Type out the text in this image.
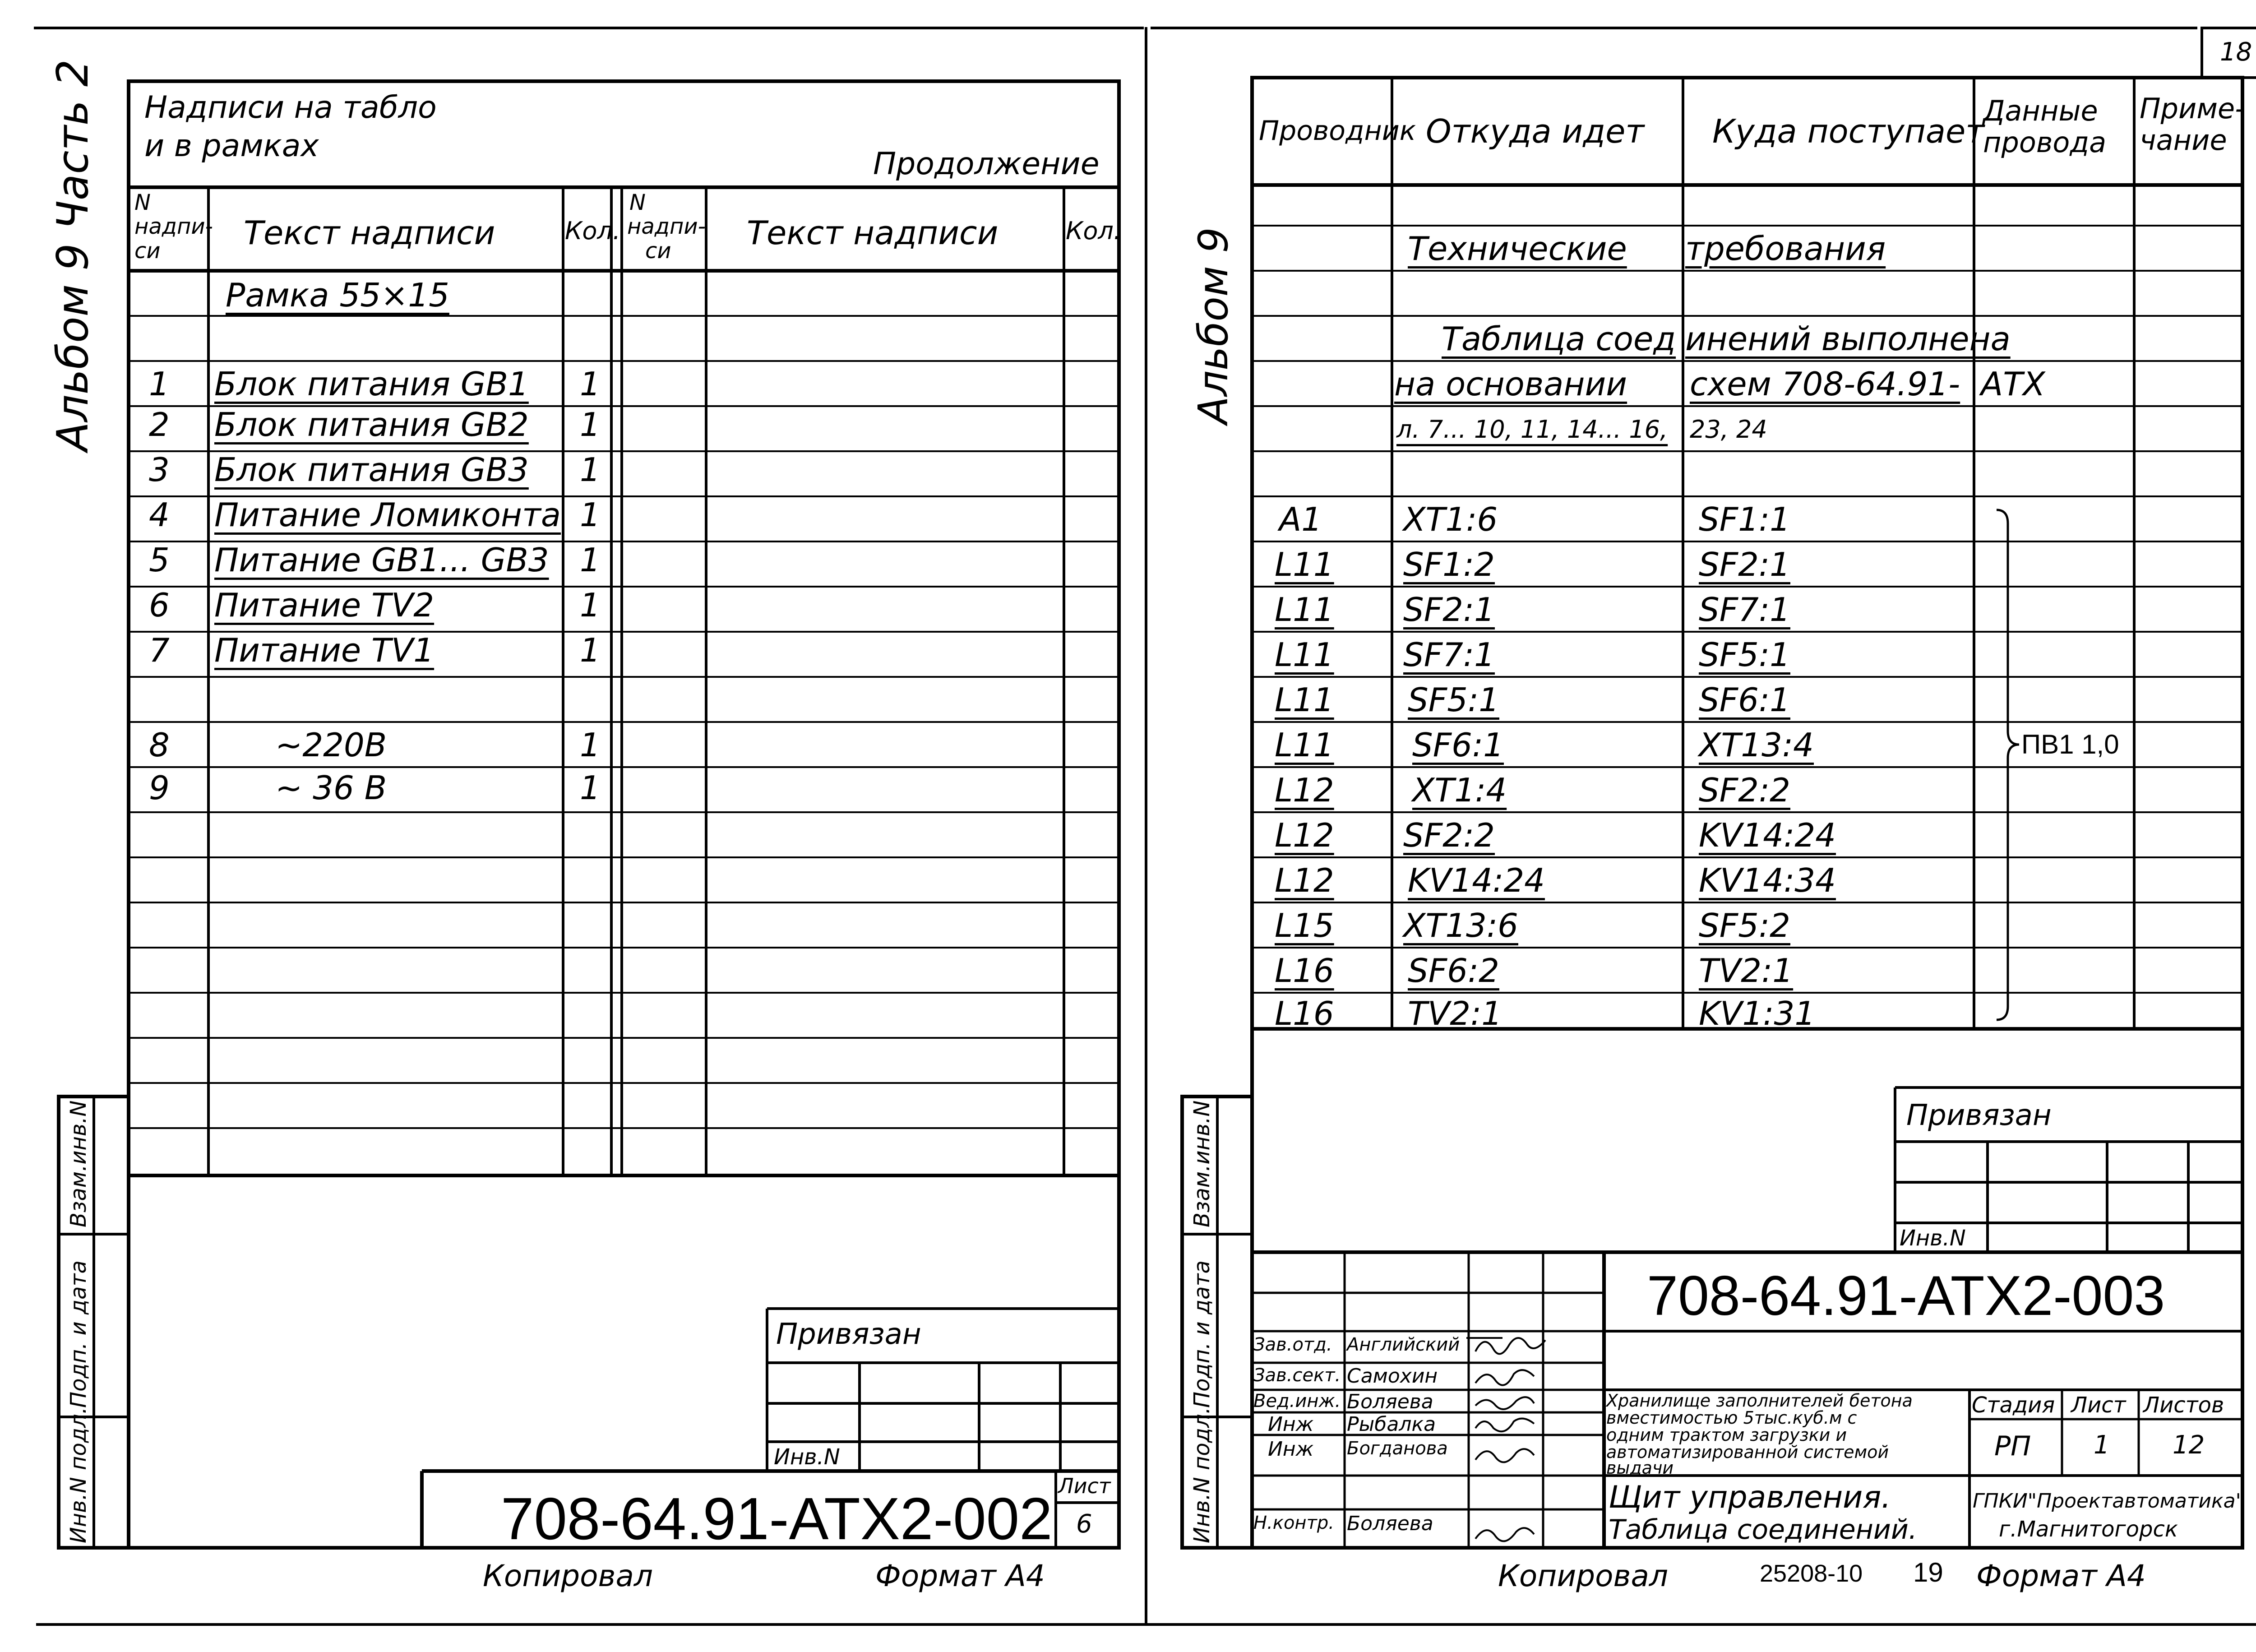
Альбом 9 Часть 2 Надписи на табло
и в рамках
Продолжение
N
надпи-
си	Текст надписи	Кол.
N
надпи-
си Текст надписи	Кол.
Рамка 55×15
1 Блок питания GB1 1
2 Блок питания GB2 1
3 Блок питания GB3 1
4 Питание Ломиконта 1
5 Питание GB1... GB3 1
6 Питание TV2	1
7 Питание TV1	1
8	~220В	1
9	~ 36 В	1
Взам.инв.N
Подп. и дата
Инв.N подл.
Привязан
Инв.N
708-64.91-АТХ2-002 Лист
6
Копировал	Формат А4
18
Альбом 9
Проводник Откуда идет Куда поступает
Данные
провода
Приме-
чание
Технические требования
Таблица соед инений выполнена
на основании схем 708-64.91- АТХ
л. 7... 10, 11, 14... 16, 23, 24
А1 ХТ1:6	SF1:1
L11 SF1:2	SF2:1
L11 SF2:1	SF7:1
L11 SF7:1	SF5:1
L11 SF5:1	SF6:1
L11 SF6:1	ХТ13:4
L12 ХТ1:4	SF2:2
L12 SF2:2	KV14:24
L12 KV14:24	KV14:34
L15 ХТ13:6	SF5:2
L16 SF6:2	TV2:1
L16 TV2:1	KV1:31
ПВ1 1,0
Взам.инв.N
Подп. и дата
Инв.N подл.
Привязан
Инв.N
708-64.91-АТХ2-003
Зав.отд. Английский
Зав.сект. Самохин
Вед.инж. Боляева
Инж Рыбалка
Инж Богданова
Н.контр. Боляева
Хранилище заполнителей бетона
вместимостью 5тыс.куб.м с
одним трактом загрузки и
автоматизированной системой
выдачи
Стадия Лист Листов
РП 1 12
Щит управления.
Таблица соединений.
ГПКИ"Проектавтоматика"
г.Магнитогорск
Копировал	25208-10 19 Формат А4
